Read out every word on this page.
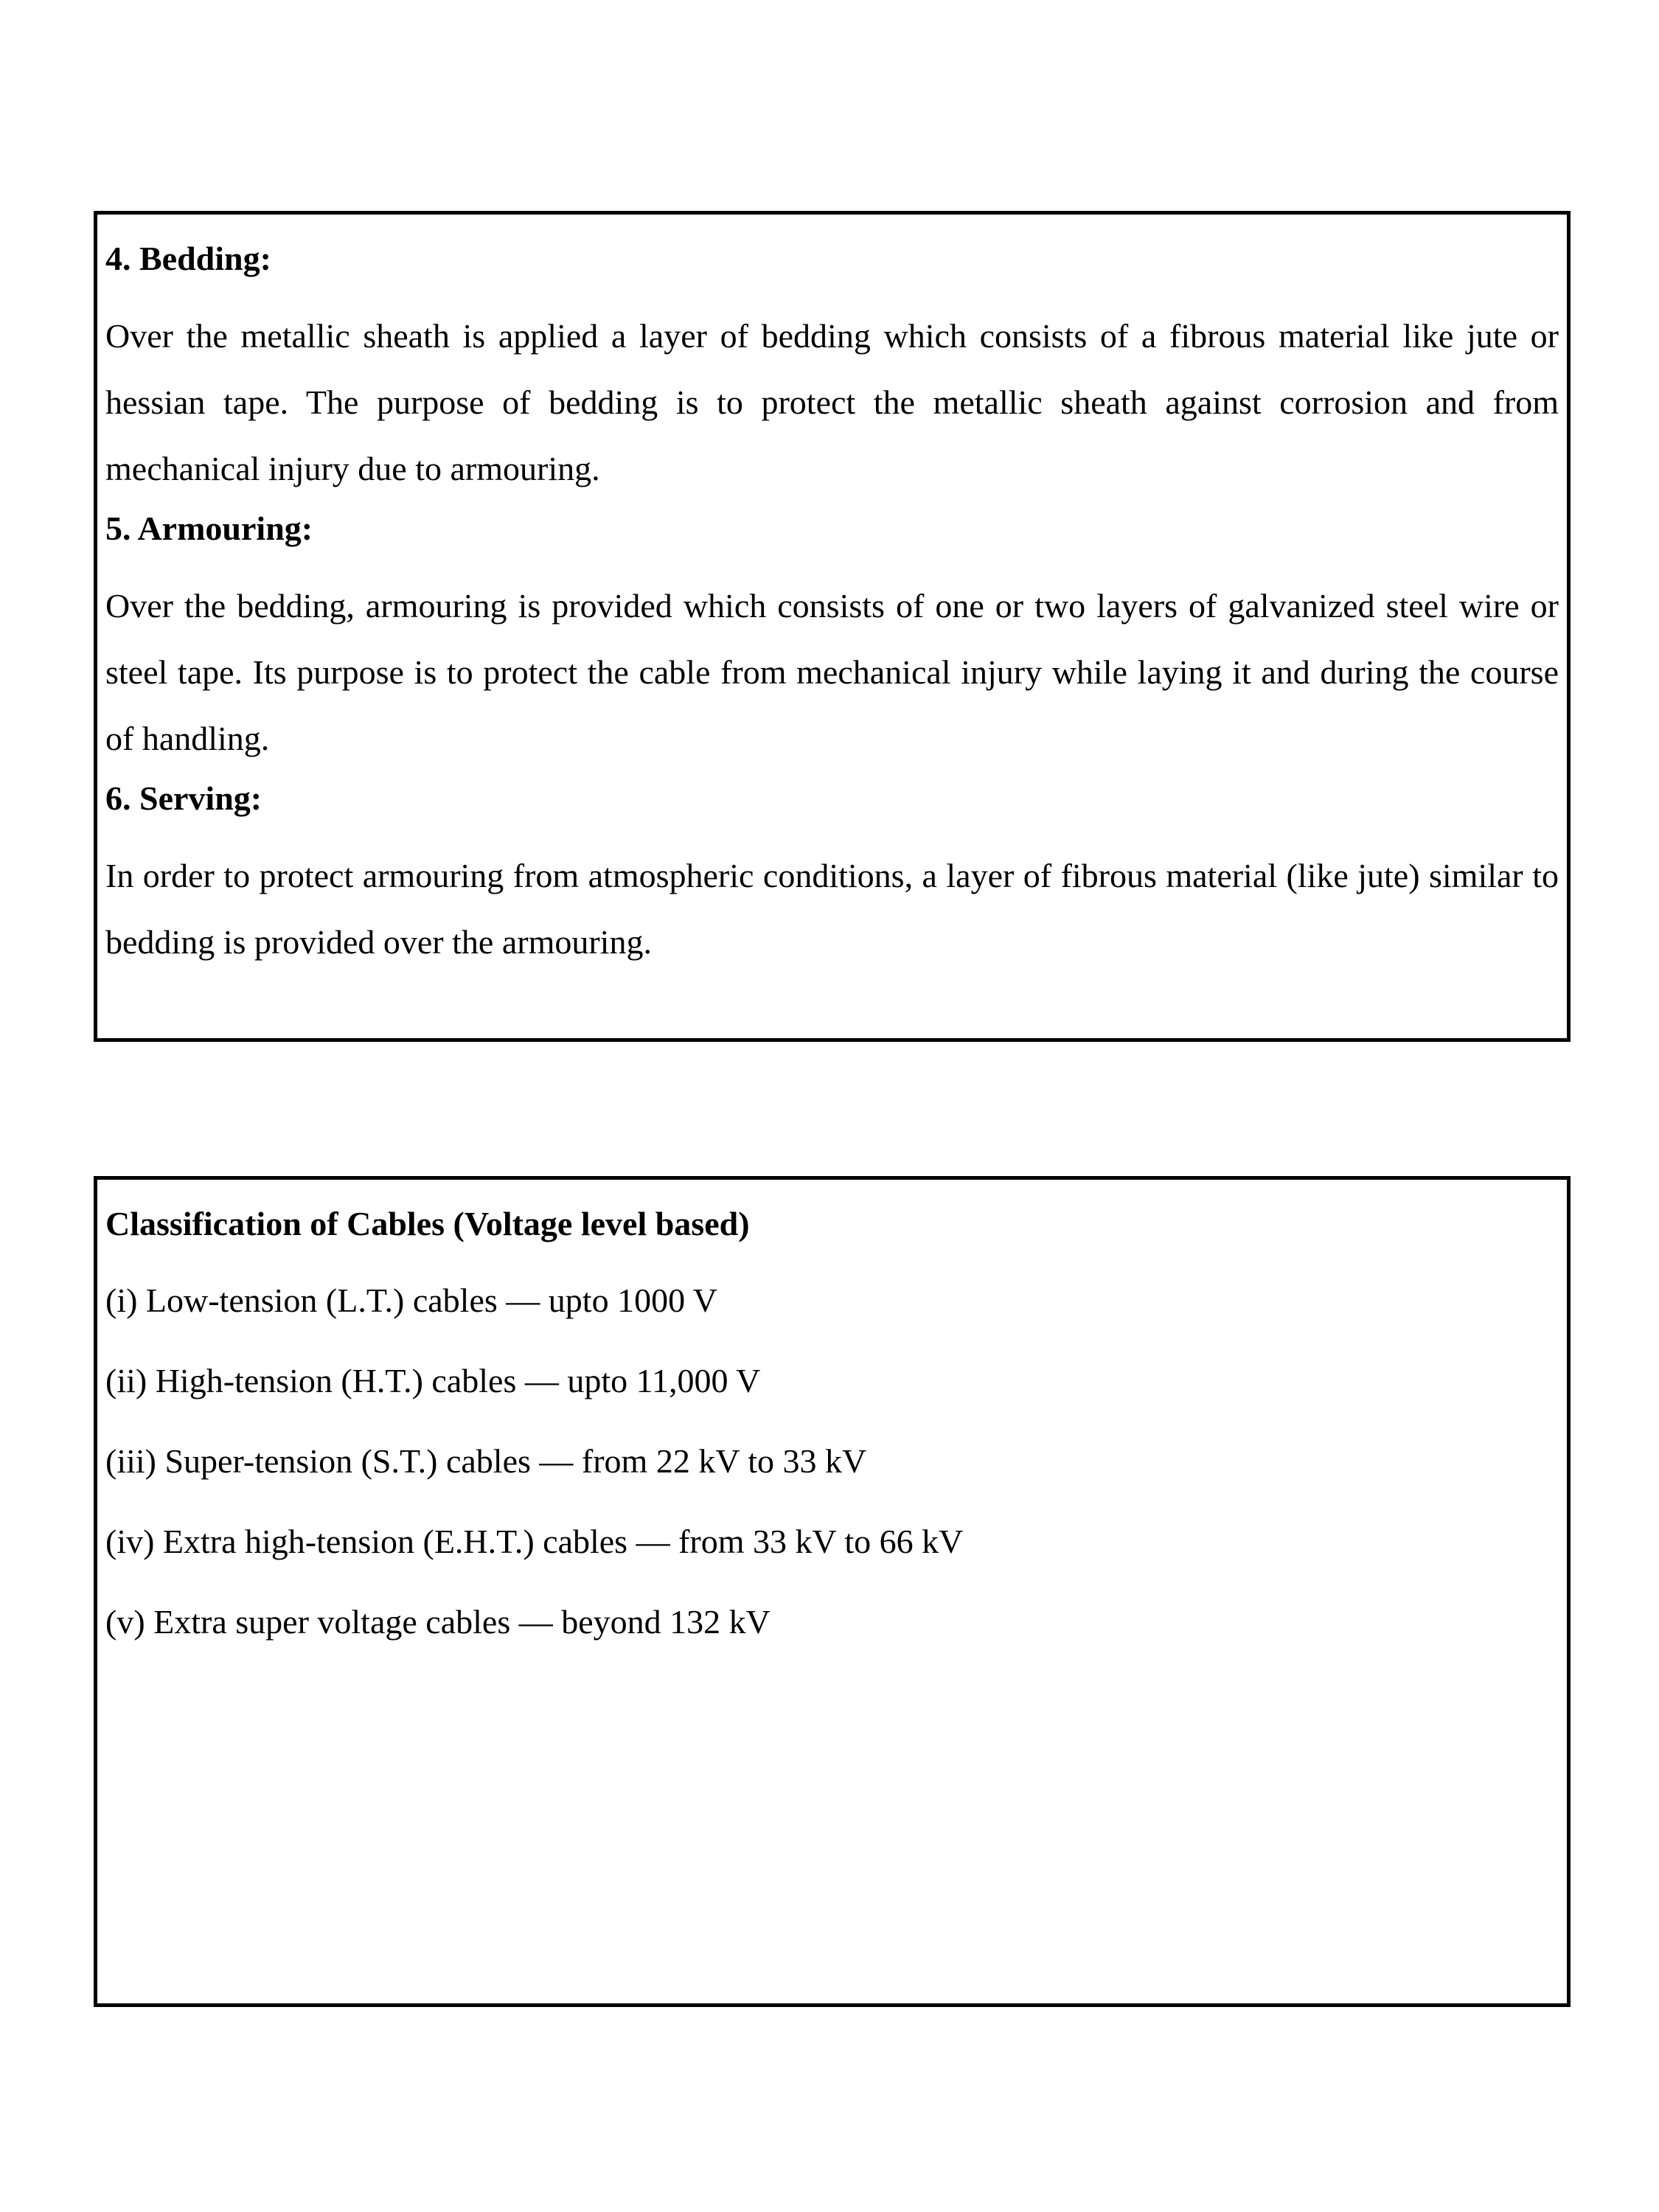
4. Bedding:
Over the metallic sheath is applied a layer of bedding which consists of a fibrous material like jute or hessian tape. The purpose of bedding is to protect the metallic sheath against corrosion and from mechanical injury due to armouring.
5. Armouring:
Over the bedding, armouring is provided which consists of one or two layers of galvanized steel wire or steel tape. Its purpose is to protect the cable from mechanical injury while laying it and during the course of handling.
6. Serving:
In order to protect armouring from atmospheric conditions, a layer of fibrous material (like jute) similar to bedding is provided over the armouring.
Classification of Cables (Voltage level based)
(i) Low-tension (L.T.) cables — upto 1000 V
(ii) High-tension (H.T.) cables — upto 11,000 V
(iii) Super-tension (S.T.) cables — from 22 kV to 33 kV
(iv) Extra high-tension (E.H.T.) cables — from 33 kV to 66 kV
(v) Extra super voltage cables — beyond 132 kV
